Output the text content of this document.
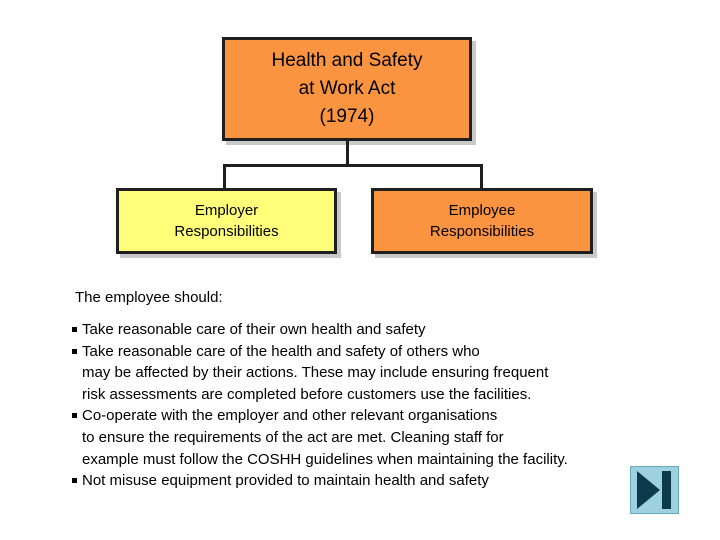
Health and Safety
at Work Act
(1974)
Employer
Responsibilities
Employee
Responsibilities
The employee should:
Take reasonable care of their own health and safety
Take reasonable care of the health and safety of others who
may be affected by their actions. These may include ensuring frequent
risk assessments are completed before customers use the facilities.
Co-operate with the employer and other relevant organisations
to ensure the requirements of the act are met. Cleaning staff for
example must follow the COSHH guidelines when maintaining the facility.
Not misuse equipment provided to maintain health and safety
